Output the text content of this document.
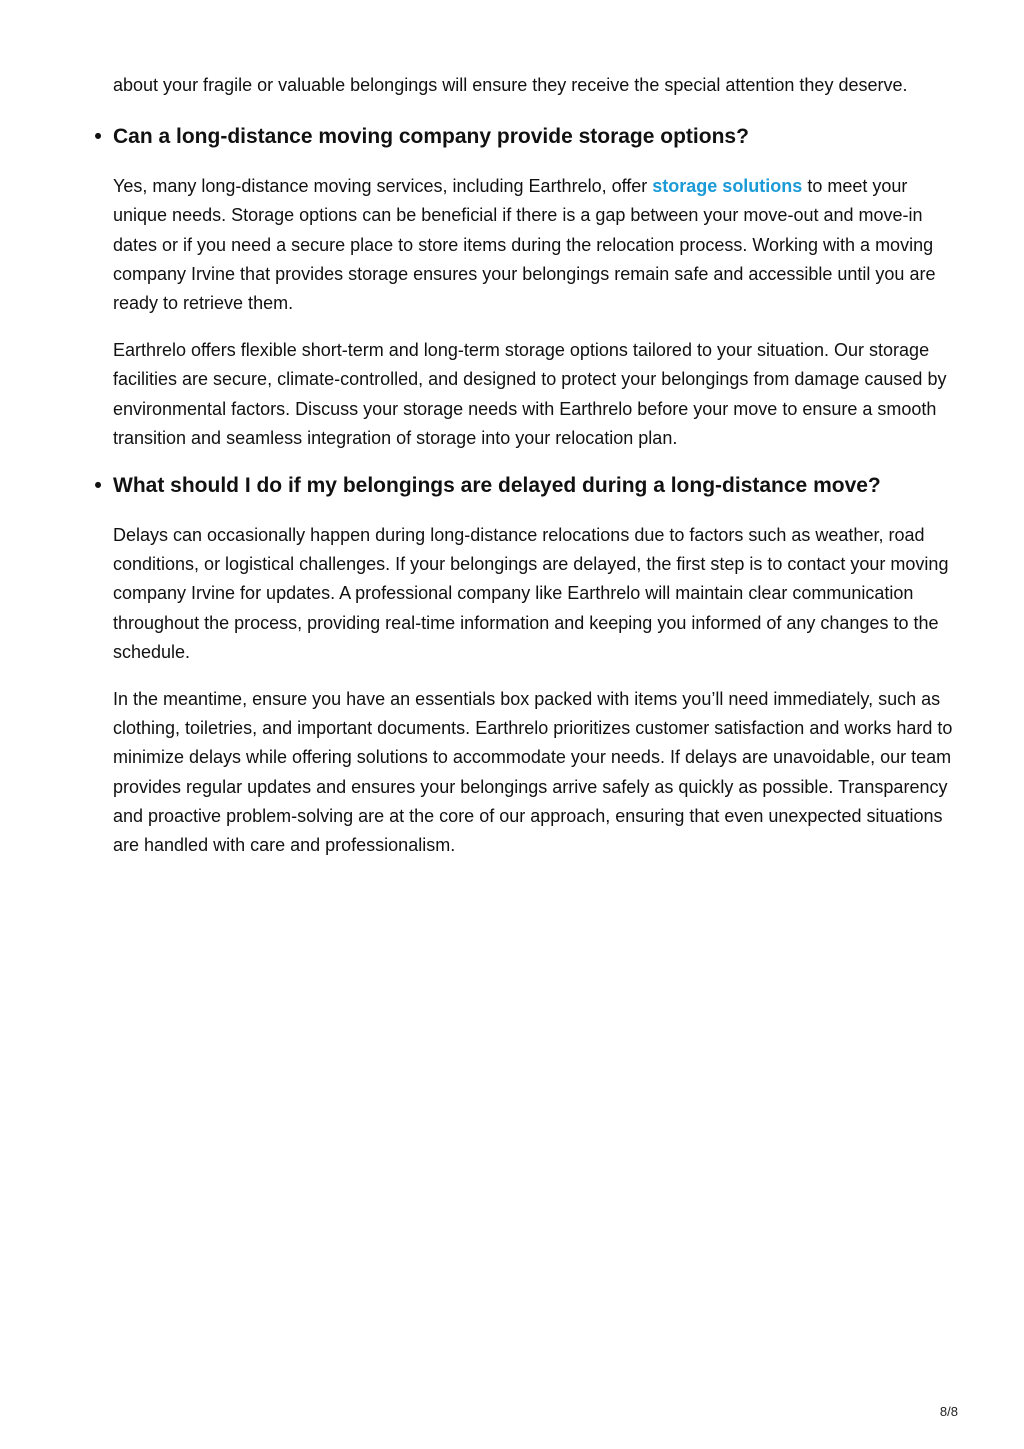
about your fragile or valuable belongings will ensure they receive the special attention they deserve.

• Can a long-distance moving company provide storage options?

Yes, many long-distance moving services, including Earthrelo, offer storage solutions to meet your unique needs. Storage options can be beneficial if there is a gap between your move-out and move-in dates or if you need a secure place to store items during the relocation process. Working with a moving company Irvine that provides storage ensures your belongings remain safe and accessible until you are ready to retrieve them.

Earthrelo offers flexible short-term and long-term storage options tailored to your situation. Our storage facilities are secure, climate-controlled, and designed to protect your belongings from damage caused by environmental factors. Discuss your storage needs with Earthrelo before your move to ensure a smooth transition and seamless integration of storage into your relocation plan.

• What should I do if my belongings are delayed during a long-distance move?

Delays can occasionally happen during long-distance relocations due to factors such as weather, road conditions, or logistical challenges. If your belongings are delayed, the first step is to contact your moving company Irvine for updates. A professional company like Earthrelo will maintain clear communication throughout the process, providing real-time information and keeping you informed of any changes to the schedule.

In the meantime, ensure you have an essentials box packed with items you’ll need immediately, such as clothing, toiletries, and important documents. Earthrelo prioritizes customer satisfaction and works hard to minimize delays while offering solutions to accommodate your needs. If delays are unavoidable, our team provides regular updates and ensures your belongings arrive safely as quickly as possible. Transparency and proactive problem-solving are at the core of our approach, ensuring that even unexpected situations are handled with care and professionalism.

8/8
